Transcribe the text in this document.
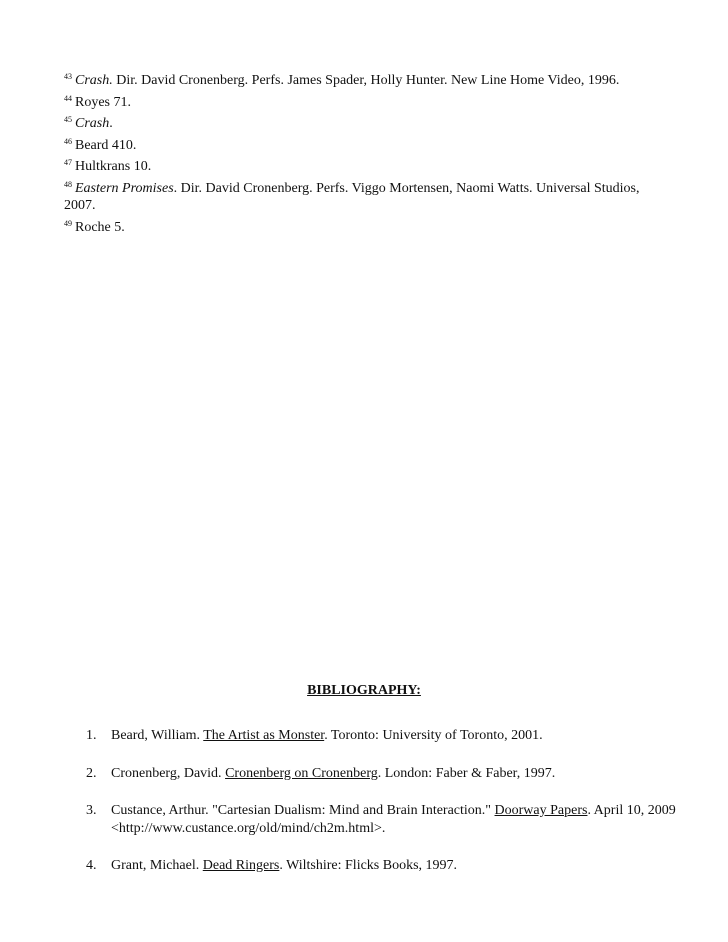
$^{43}$ Crash. Dir. David Cronenberg. Perfs. James Spader, Holly Hunter. New Line Home Video, 1996.

$^{44}$ Royes 71.

$^{45}$ Crash.

$^{46}$ Beard 410.

$^{47}$ Hultkrans 10.

$^{48}$ Eastern Promises. Dir. David Cronenberg. Perfs. Viggo Mortensen, Naomi Watts. Universal Studios, 2007.

$^{49}$ Roche 5.

BIBLIOGRAPHY:
1. Beard, William. The Artist as Monster. Toronto: University of Toronto, 2001.
2. Cronenberg, David. Cronenberg on Cronenberg. London: Faber & Faber, 1997.
3. Custance, Arthur. "Cartesian Dualism: Mind and Brain Interaction." Doorway Papers. April 10, 2009 <http://www.custance.org/old/mind/ch2m.html>.
4. Grant, Michael. Dead Ringers. Wiltshire: Flicks Books, 1997.
